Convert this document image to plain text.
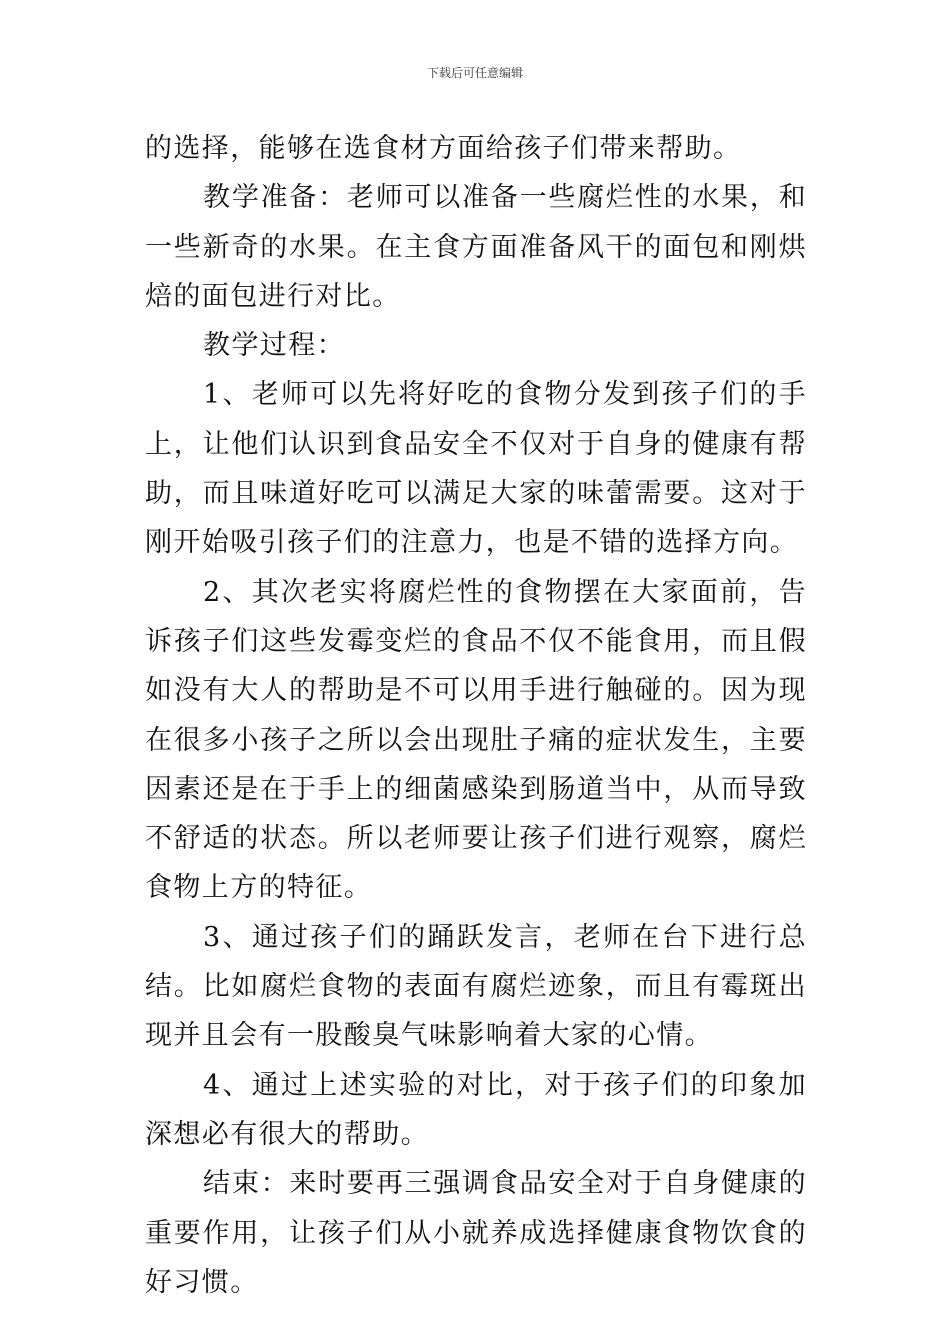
下载后可任意编辑

的选择，能够在选食材方面给孩子们带来帮助。

教学准备：老师可以准备一些腐烂性的水果，和一些新奇的水果。在主食方面准备风干的面包和刚烘焙的面包进行对比。

教学过程：

1、老师可以先将好吃的食物分发到孩子们的手上，让他们认识到食品安全不仅对于自身的健康有帮助，而且味道好吃可以满足大家的味蕾需要。这对于刚开始吸引孩子们的注意力，也是不错的选择方向。

2、其次老实将腐烂性的食物摆在大家面前，告诉孩子们这些发霉变烂的食品不仅不能食用，而且假如没有大人的帮助是不可以用手进行触碰的。因为现在很多小孩子之所以会出现肚子痛的症状发生，主要因素还是在于手上的细菌感染到肠道当中，从而导致不舒适的状态。所以老师要让孩子们进行观察，腐烂食物上方的特征。

3、通过孩子们的踊跃发言，老师在台下进行总结。比如腐烂食物的表面有腐烂迹象，而且有霉斑出现并且会有一股酸臭气味影响着大家的心情。

4、通过上述实验的对比，对于孩子们的印象加深想必有很大的帮助。

结束：来时要再三强调食品安全对于自身健康的重要作用，让孩子们从小就养成选择健康食物饮食的好习惯。
